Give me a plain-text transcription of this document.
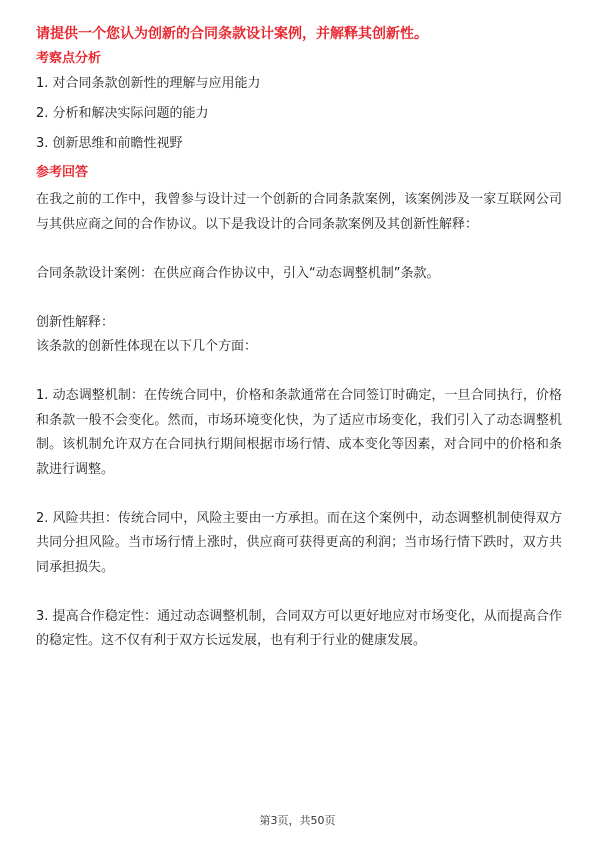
请提供一个您认为创新的合同条款设计案例，并解释其创新性。
考察点分析
1. 对合同条款创新性的理解与应用能力
2. 分析和解决实际问题的能力
3. 创新思维和前瞻性视野
参考回答
在我之前的工作中，我曾参与设计过一个创新的合同条款案例，该案例涉及一家互联网公司与其供应商之间的合作协议。以下是我设计的合同条款案例及其创新性解释：
合同条款设计案例：在供应商合作协议中，引入“动态调整机制”条款。
创新性解释：
该条款的创新性体现在以下几个方面：
1. 动态调整机制：在传统合同中，价格和条款通常在合同签订时确定，一旦合同执行，价格和条款一般不会变化。然而，市场环境变化快，为了适应市场变化，我们引入了动态调整机制。该机制允许双方在合同执行期间根据市场行情、成本变化等因素，对合同中的价格和条款进行调整。
2. 风险共担：传统合同中，风险主要由一方承担。而在这个案例中，动态调整机制使得双方共同分担风险。当市场行情上涨时，供应商可获得更高的利润；当市场行情下跌时，双方共同承担损失。
3. 提高合作稳定性：通过动态调整机制，合同双方可以更好地应对市场变化，从而提高合作的稳定性。这不仅有利于双方长远发展，也有利于行业的健康发展。
第3页，共50页
